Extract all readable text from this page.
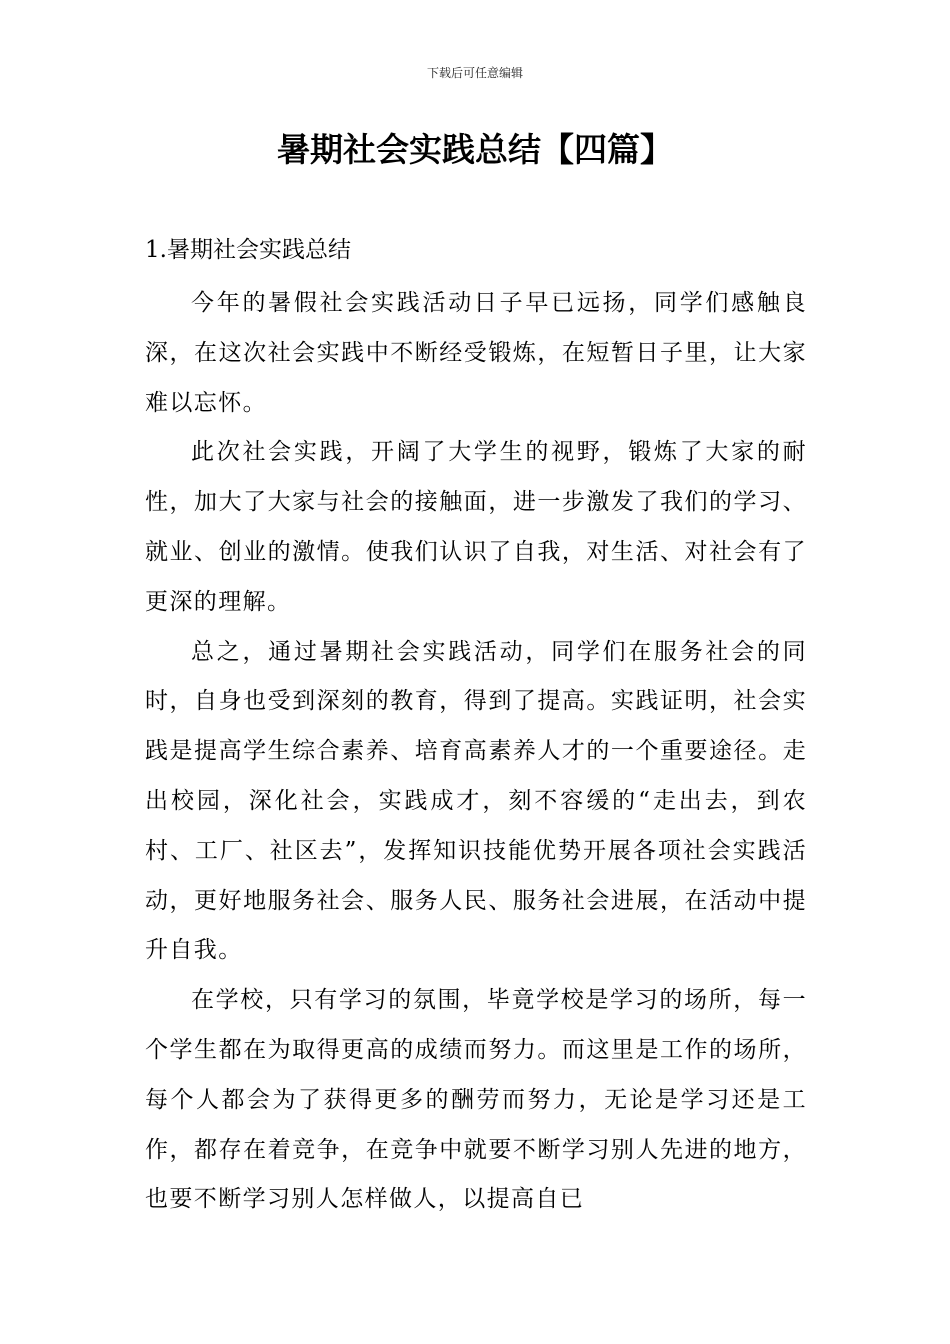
下载后可任意编辑
暑期社会实践总结【四篇】
1.暑期社会实践总结

今年的暑假社会实践活动日子早已远扬，同学们感触良深，在这次社会实践中不断经受锻炼，在短暂日子里，让大家难以忘怀。

此次社会实践，开阔了大学生的视野，锻炼了大家的耐性，加大了大家与社会的接触面，进一步激发了我们的学习、就业、创业的激情。使我们认识了自我，对生活、对社会有了更深的理解。

总之，通过暑期社会实践活动，同学们在服务社会的同时，自身也受到深刻的教育，得到了提高。实践证明，社会实践是提高学生综合素养、培育高素养人才的一个重要途径。走出校园，深化社会，实践成才，刻不容缓的“走出去，到农村、工厂、社区去”，发挥知识技能优势开展各项社会实践活动，更好地服务社会、服务人民、服务社会进展，在活动中提升自我。

在学校，只有学习的氛围，毕竟学校是学习的场所，每一个学生都在为取得更高的成绩而努力。而这里是工作的场所，每个人都会为了获得更多的酬劳而努力，无论是学习还是工作，都存在着竞争，在竞争中就要不断学习别人先进的地方，也要不断学习别人怎样做人，以提高自已
